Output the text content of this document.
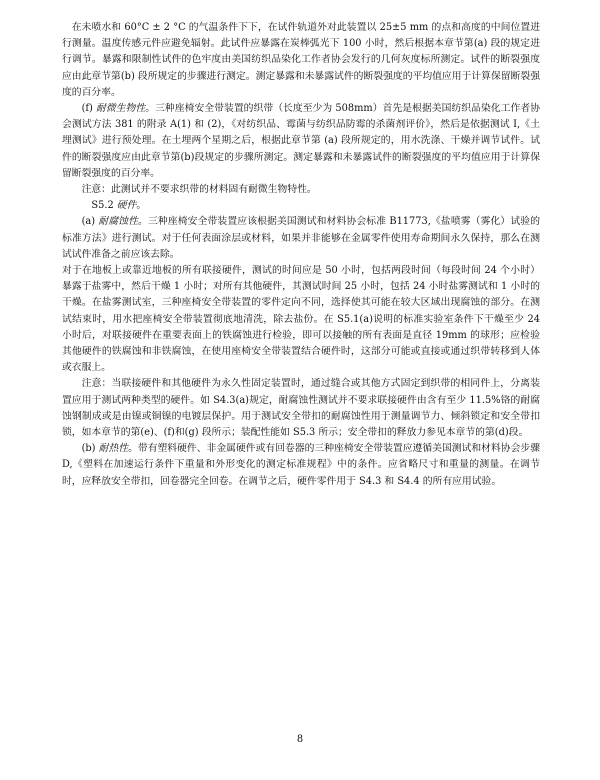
在未喷水和 60°C ± 2 °C 的气温条件下下，在试件轨道外对此装置以 25±5 mm 的点和高度的中间位置进行测量。温度传感元件应避免辐射。此试件应暴露在炭棒弧光下 100 小时，然后根据本章节第(a) 段的规定进行调节。暴露和限制性试件的色牢度由美国纺织品染化工作者协会发行的几何灰度标所测定。试件的断裂强度应由此章节第(b) 段所规定的步骤进行测定。测定暴露和未暴露试件的断裂强度的平均值应用于计算保留断裂强度的百分率。

(f) 耐微生物性。三种座椅安全带装置的织带（长度至少为 508mm）首先是根据美国纺织品染化工作者协会测试方法 381 的附录 A(1) 和 (2)，《对纺织品、霉菌与纺织品防霉的杀菌剂评价》，然后是依据测试 I,《土埋测试》进行预处理。在土埋两个星期之后，根据此章节第 (a) 段所规定的，用水洗涤、干燥并调节试件。试件的断裂强度应由此章节第(b)段规定的步骤所测定。测定暴露和未暴露试件的断裂强度的平均值应用于计算保留断裂强度的百分率。

注意：此测试并不要求织带的材料固有耐微生物特性。

S5.2 硬件。

(a) 耐腐蚀性。三种座椅安全带装置应该根据美国测试和材料协会标准 B11773,《盐喷雾（雾化）试验的标准方法》进行测试。对于任何表面涂层或材料，如果并非能够在金属零件使用寿命期间永久保持，那么在测试试件准备之前应该去除。

对于在地板上或靠近地板的所有联接硬件，测试的时间应是 50 小时，包括两段时间（每段时间 24 个小时）暴露于盐雾中，然后干燥 1 小时；对所有其他硬件，其测试时间 25 小时，包括 24 小时盐雾测试和 1 小时的干燥。在盐雾测试室，三种座椅安全带装置的零件定向不同，选择使其可能在较大区域出现腐蚀的部分。在测试结束时，用水把座椅安全带装置彻底地清洗，除去盐份。在 S5.1(a)说明的标准实验室条件下干燥至少 24 小时后，对联接硬件在重要表面上的铁腐蚀进行检验，即可以接触的所有表面是直径 19mm 的球形；应检验其他硬件的铁腐蚀和非铁腐蚀，在使用座椅安全带装置结合硬件时，这部分可能或直接或通过织带转移到人体或衣服上。

注意：当联接硬件和其他硬件为永久性固定装置时，通过缝合或其他方式固定到织带的相同件上，分离装置应用于测试两种类型的硬件。如 S4.3(a)规定，耐腐蚀性测试并不要求联接硬件由含有至少 11.5%铬的耐腐蚀钢制成或是由镍或铜镍的电镀层保护。用于测试安全带扣的耐腐蚀性用于测量调节力、倾斜锁定和安全带扣锁，如本章节的第(e)、(f)和(g) 段所示；装配性能如 S5.3 所示；安全带扣的释放力参见本章节的第(d)段。

(b) 耐热性。带有塑料硬件、非金属硬件或有回卷器的三种座椅安全带装置应遵循美国测试和材料协会步骤 D,《塑料在加速运行条件下重量和外形变化的测定标准规程》中的条件。应省略尺寸和重量的测量。在调节时，应释放安全带扣，回卷器完全回卷。在调节之后，硬件零件用于 S4.3 和 S4.4 的所有应用试验。

8
